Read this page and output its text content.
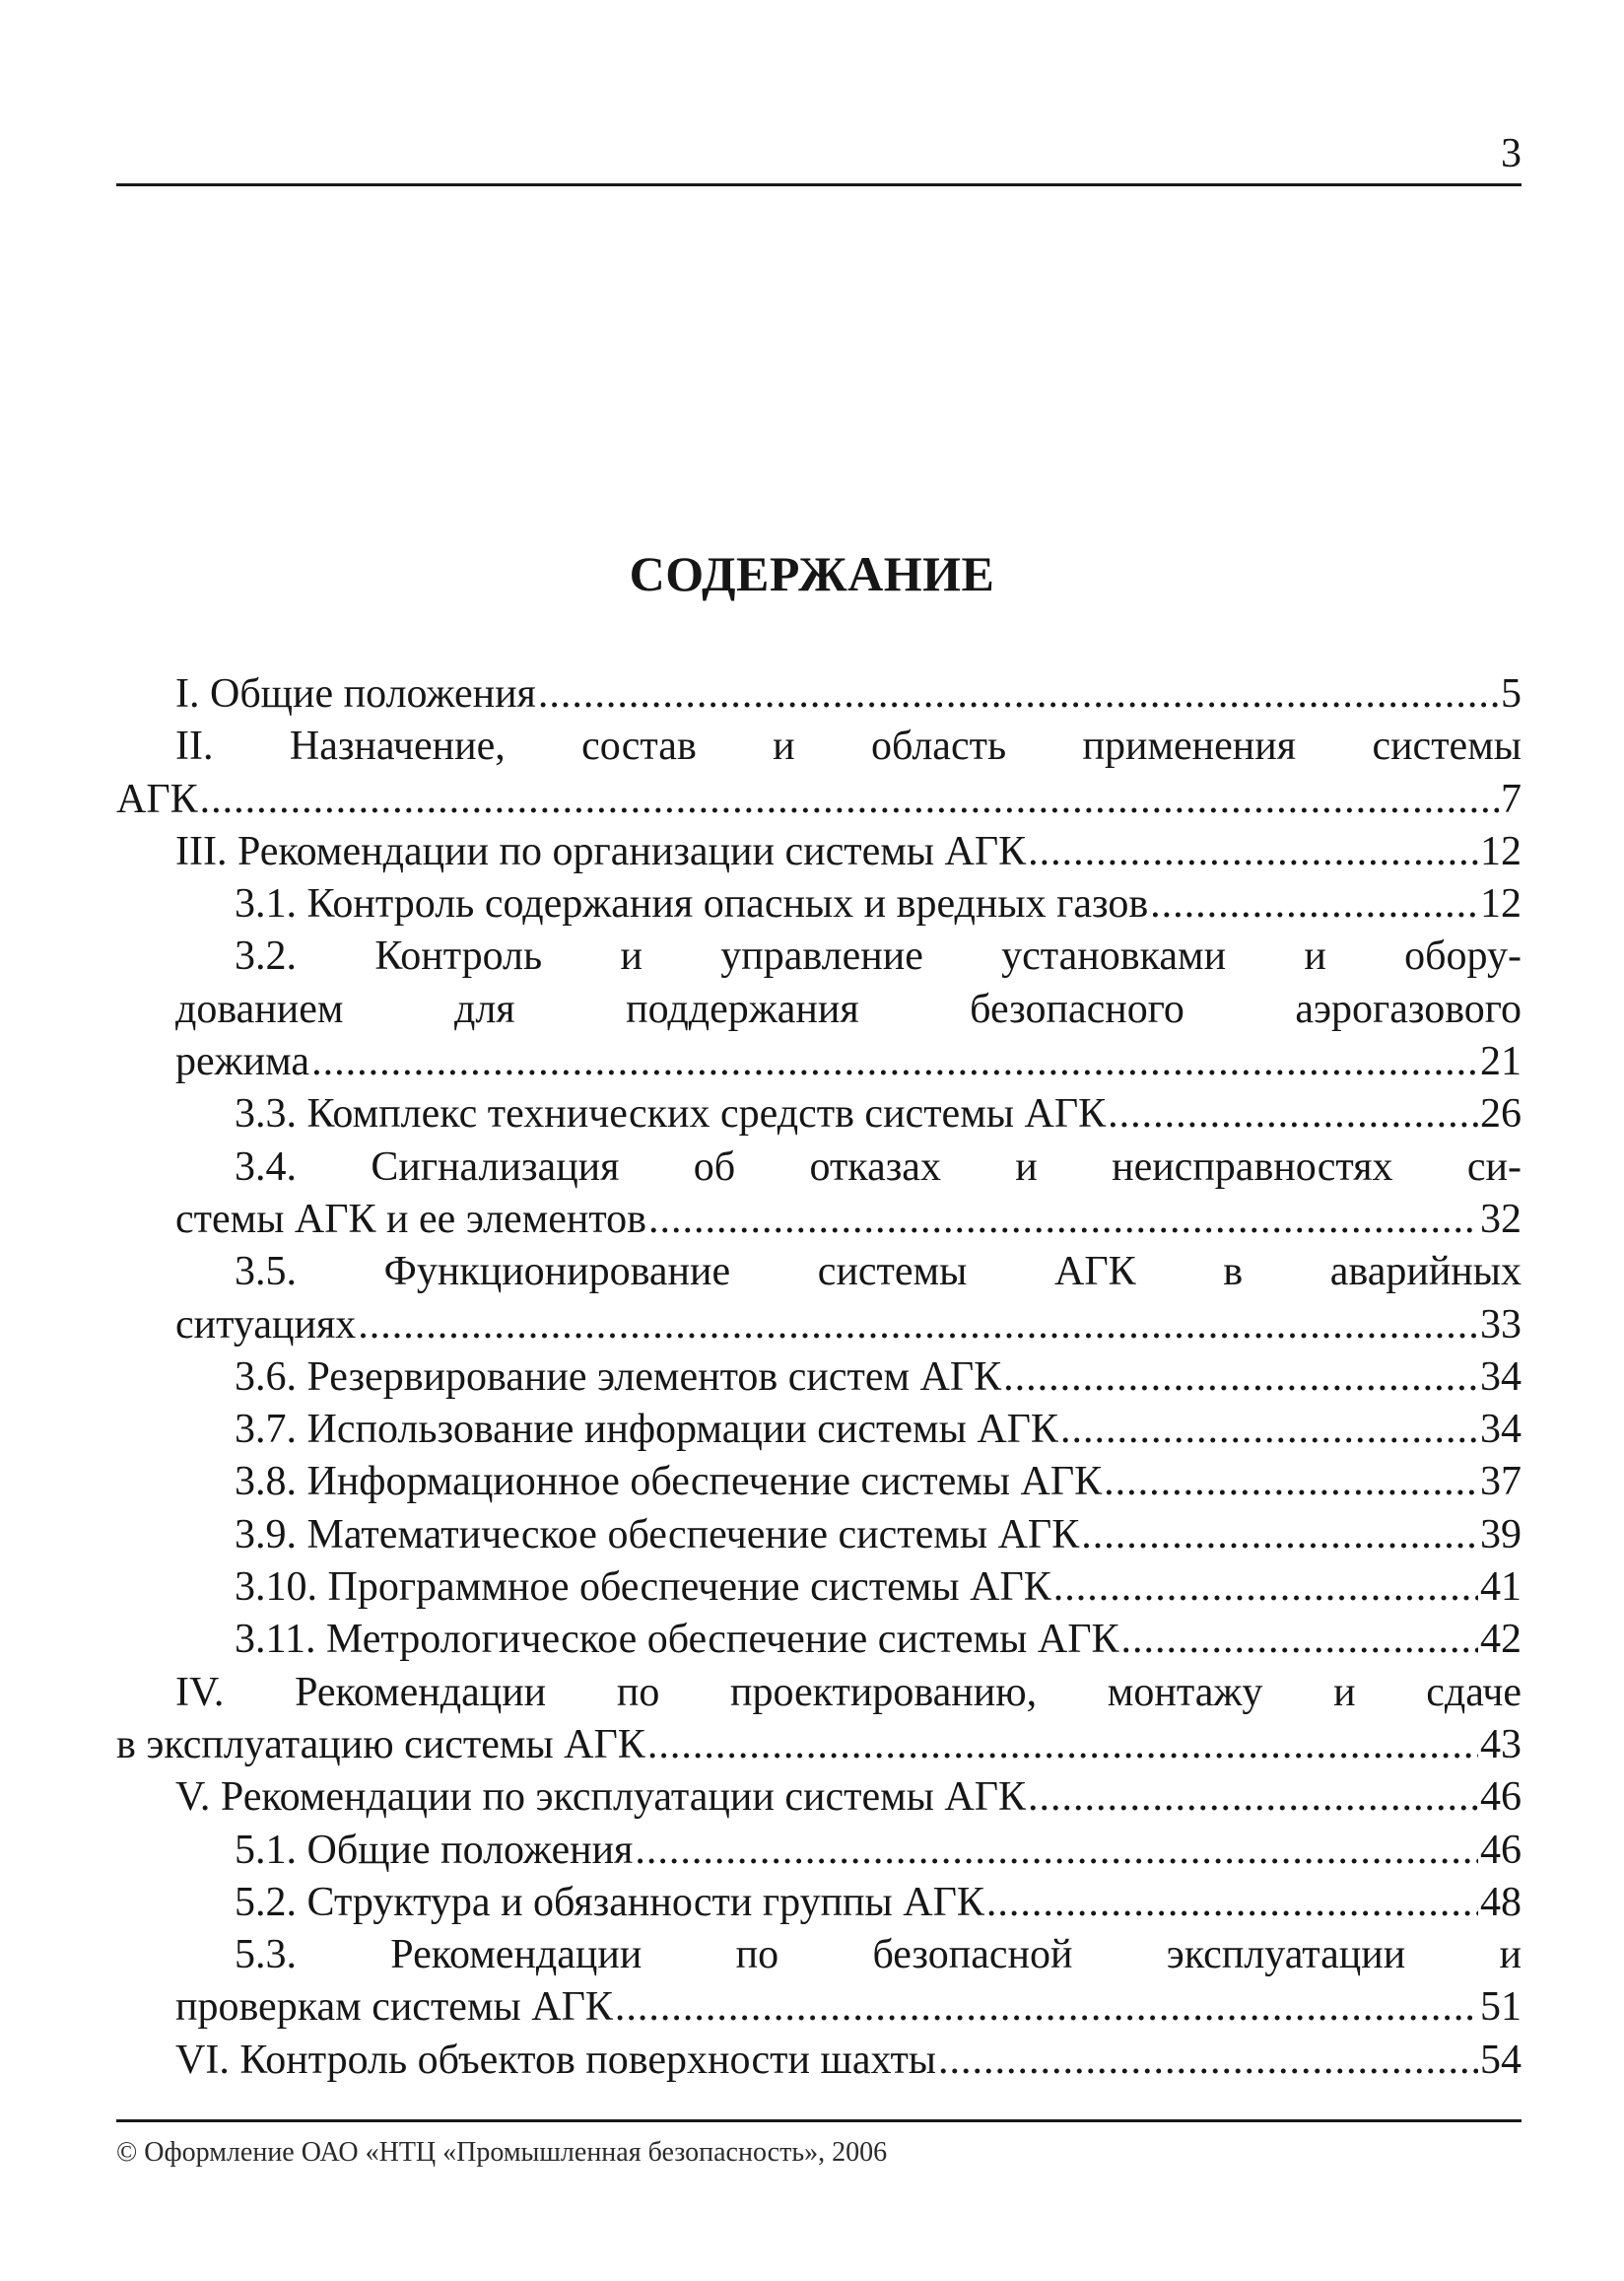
3
СОДЕРЖАНИЕ
I. Общие положения .....	5
II. Назначение, состав и область применения системы
АГК .....	7
III. Рекомендации по организации системы АГК .....	12
3.1. Контроль содержания опасных и вредных газов .....	12
3.2. Контроль и управление установками и обору-
дованием для поддержания безопасного аэрогазового
режима .....	21
3.3. Комплекс технических средств системы АГК .....	26
3.4. Сигнализация об отказах и неисправностях си-
стемы АГК и ее элементов .....	32
3.5. Функционирование системы АГК в аварийных
ситуациях .....	33
3.6. Резервирование элементов систем АГК .....	34
3.7. Использование информации системы АГК .....	34
3.8. Информационное обеспечение системы АГК .....	37
3.9. Математическое обеспечение системы АГК .....	39
3.10. Программное обеспечение системы АГК .....	41
3.11. Метрологическое обеспечение системы АГК .....	42
IV. Рекомендации по проектированию, монтажу и сдаче
в эксплуатацию системы АГК .....	43
V. Рекомендации по эксплуатации системы АГК .....	46
5.1. Общие положения .....	46
5.2. Структура и обязанности группы АГК .....	48
5.3. Рекомендации по безопасной эксплуатации и
проверкам системы АГК .....	51
VI. Контроль объектов поверхности шахты .....	54
© Оформление ОАО «НТЦ «Промышленная безопасность», 2006
